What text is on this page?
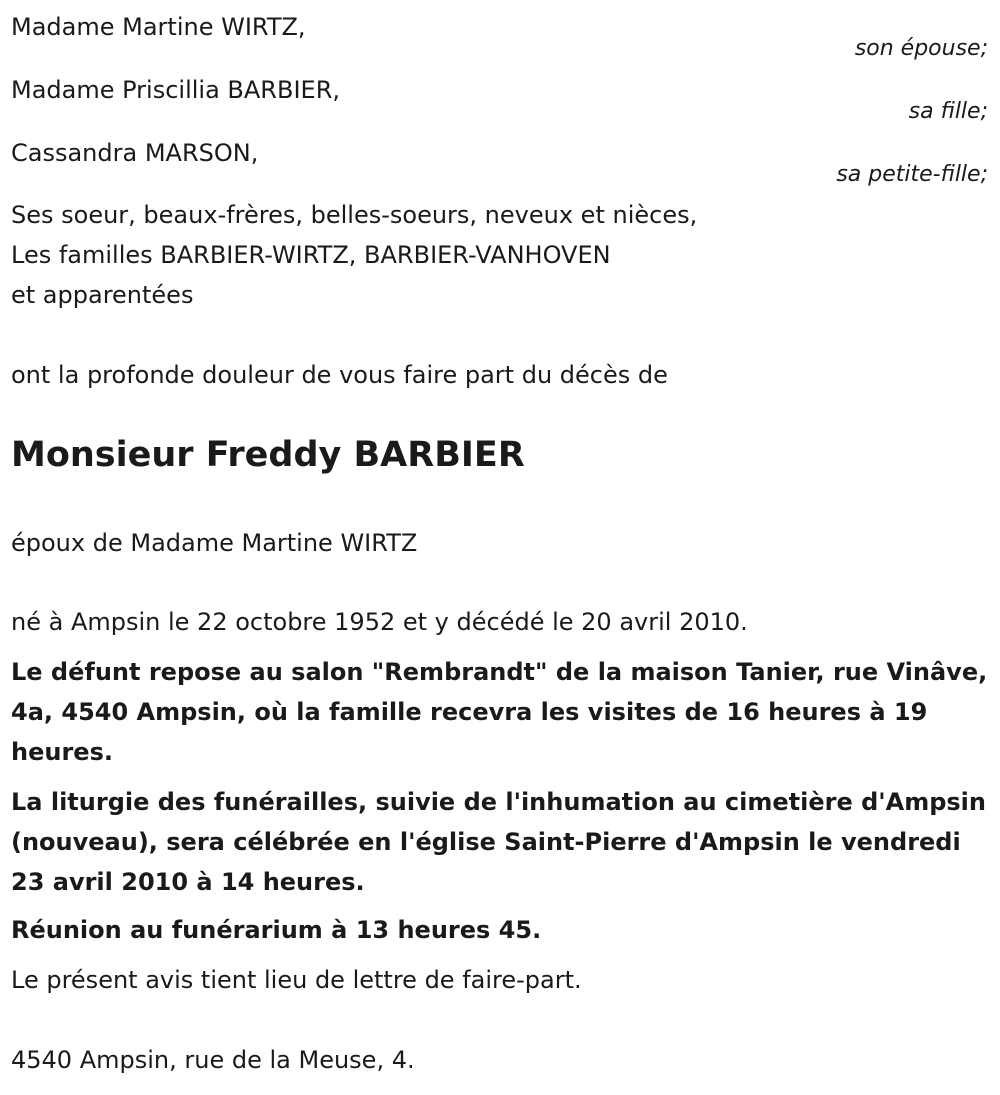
Madame Martine WIRTZ,
son épouse;
Madame Priscillia BARBIER,
sa fille;
Cassandra MARSON,
sa petite-fille;
Ses soeur, beaux-frères, belles-soeurs, neveux et nièces,
Les familles BARBIER-WIRTZ, BARBIER-VANHOVEN
et apparentées
ont la profonde douleur de vous faire part du décès de
Monsieur Freddy BARBIER
époux de Madame Martine WIRTZ
né à Ampsin le 22 octobre 1952 et y décédé le 20 avril 2010.
Le défunt repose au salon "Rembrandt" de la maison Tanier, rue Vinâve, 4a, 4540 Ampsin, où la famille recevra les visites de 16 heures à 19 heures.
La liturgie des funérailles, suivie de l'inhumation au cimetière d'Ampsin (nouveau), sera célébrée en l'église Saint-Pierre d'Ampsin le vendredi 23 avril 2010 à 14 heures.
Réunion au funérarium à 13 heures 45.
Le présent avis tient lieu de lettre de faire-part.
4540 Ampsin, rue de la Meuse, 4.
